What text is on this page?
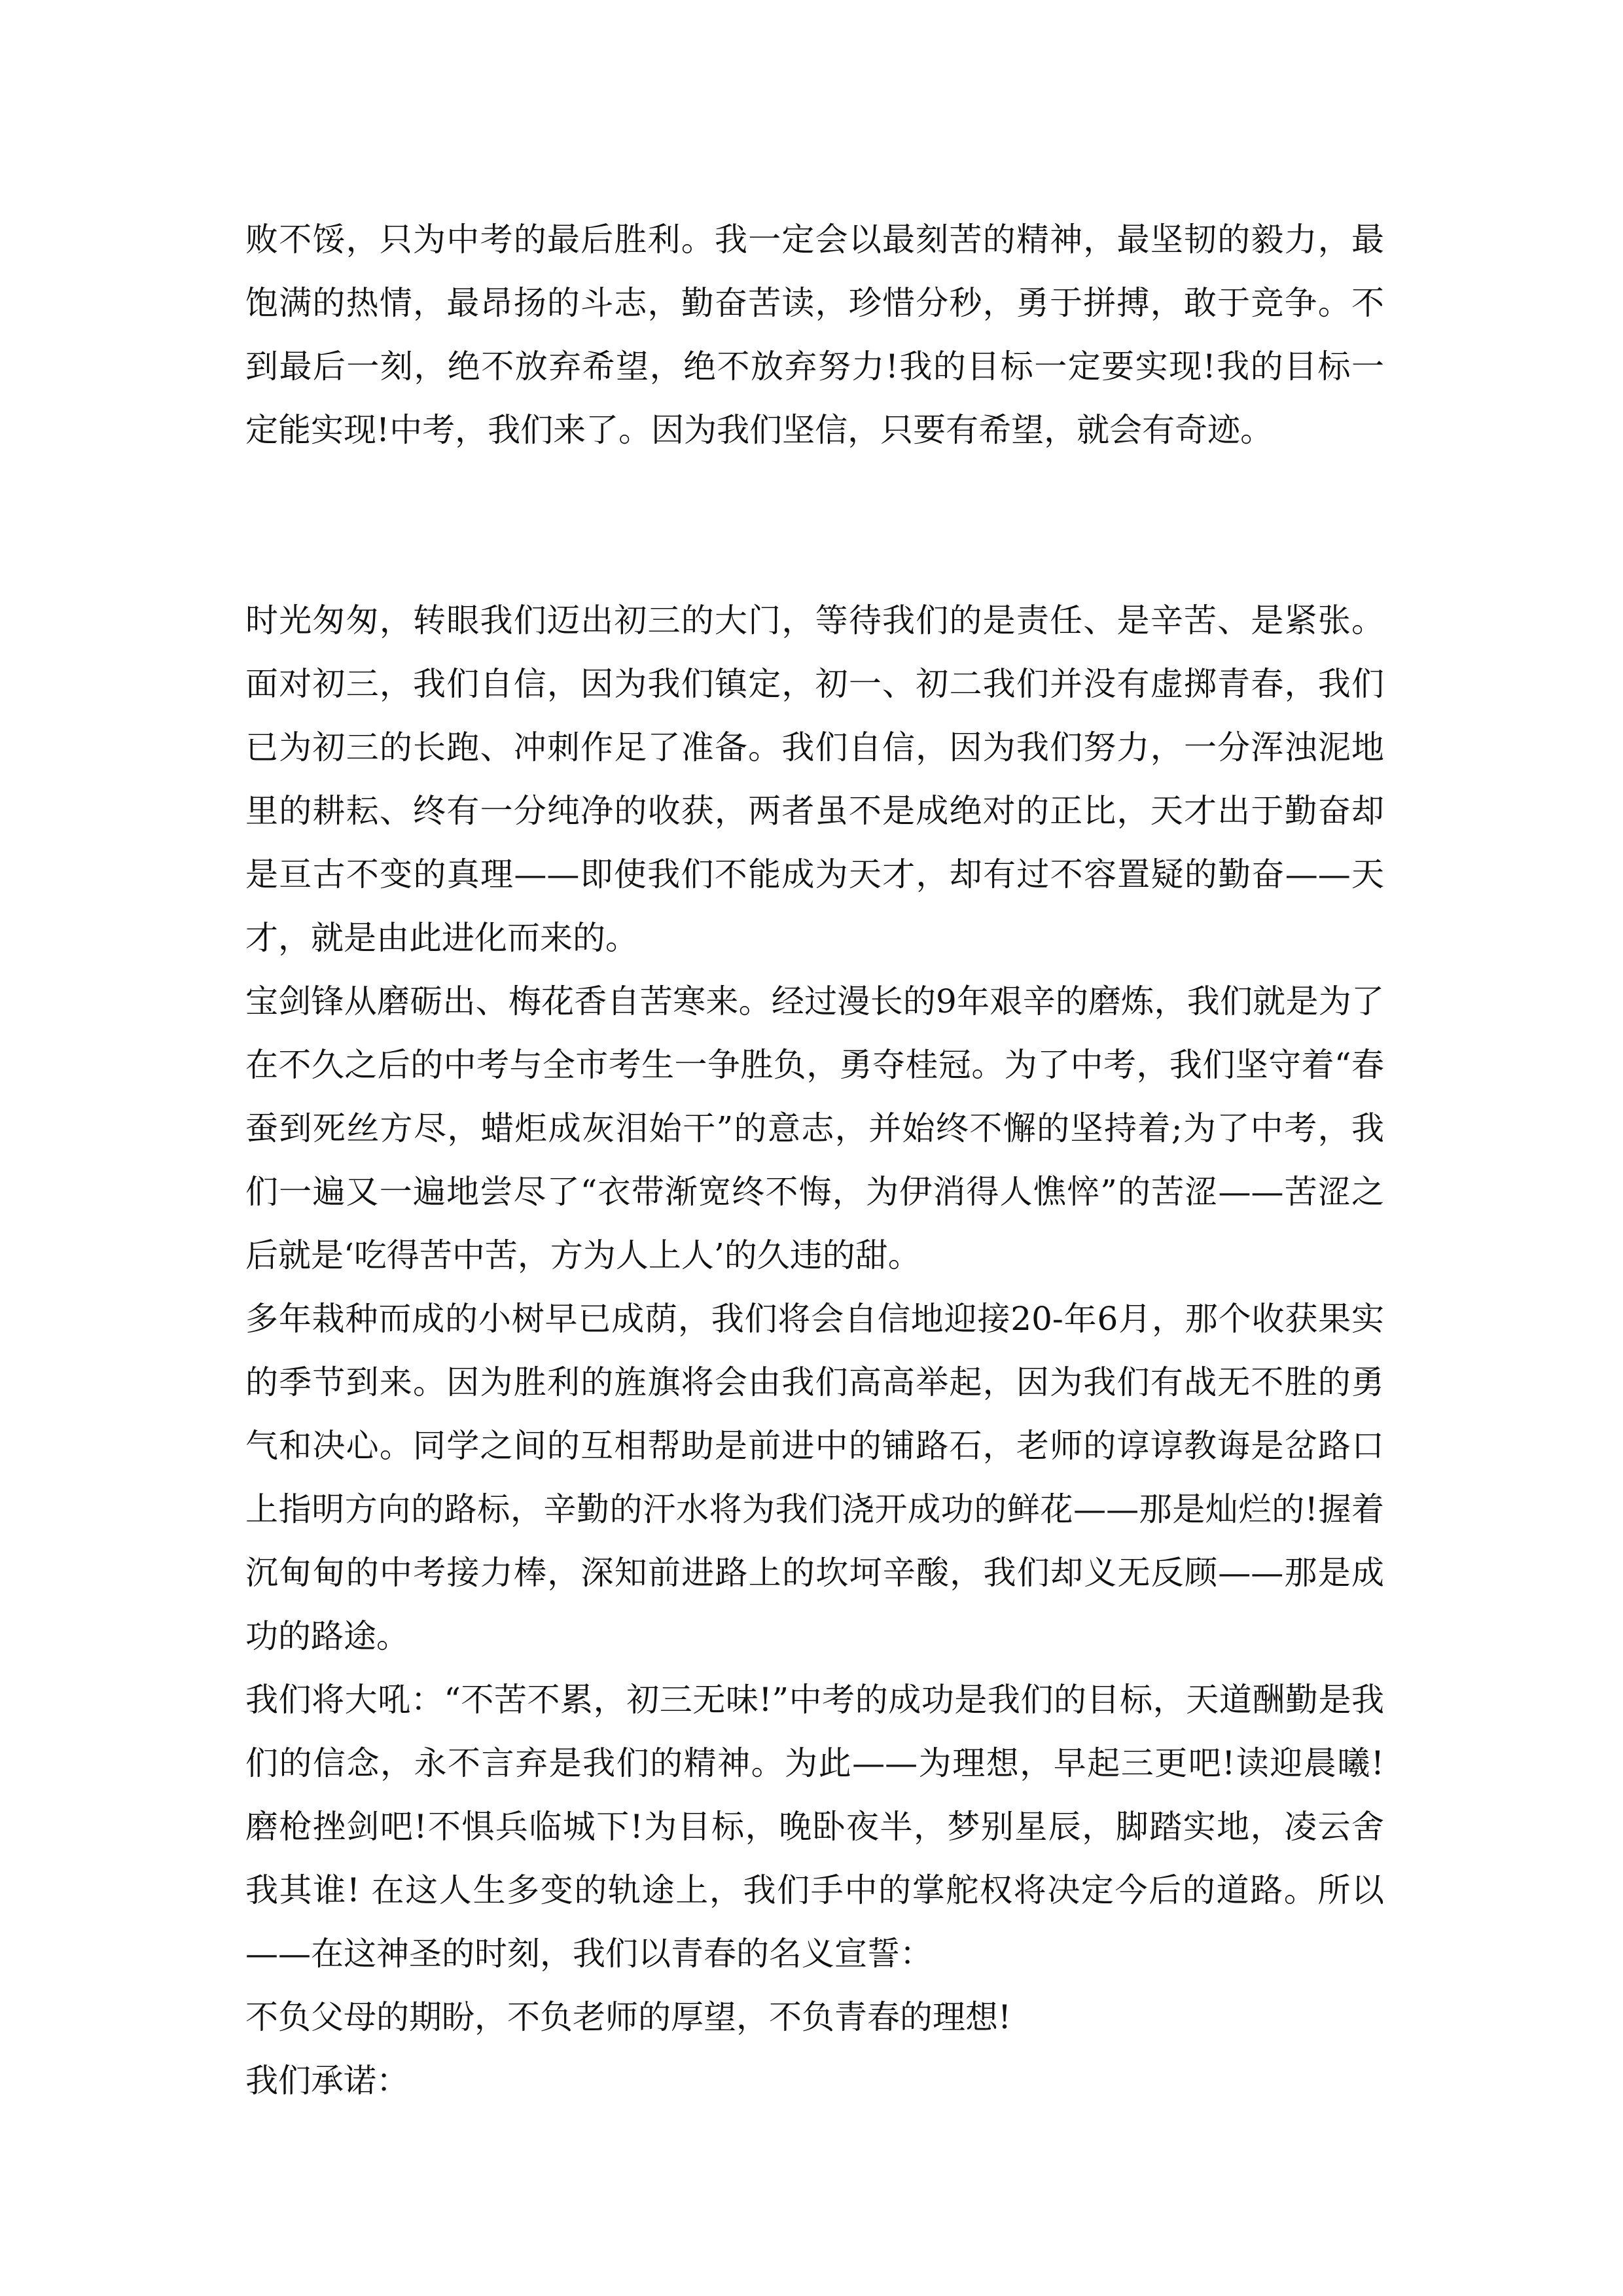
败不馁，只为中考的最后胜利。我一定会以最刻苦的精神，最坚韧的毅力，最饱满的热情，最昂扬的斗志，勤奋苦读，珍惜分秒，勇于拼搏，敢于竞争。不到最后一刻，绝不放弃希望，绝不放弃努力!我的目标一定要实现!我的目标一定能实现!中考，我们来了。因为我们坚信，只要有希望，就会有奇迹。

时光匆匆，转眼我们迈出初三的大门，等待我们的是责任、是辛苦、是紧张。面对初三，我们自信，因为我们镇定，初一、初二我们并没有虚掷青春，我们已为初三的长跑、冲刺作足了准备。我们自信，因为我们努力，一分浑浊泥地里的耕耘、终有一分纯净的收获，两者虽不是成绝对的正比，天才出于勤奋却是亘古不变的真理——即使我们不能成为天才，却有过不容置疑的勤奋——天才，就是由此进化而来的。

宝剑锋从磨砺出、梅花香自苦寒来。经过漫长的9年艰辛的磨炼，我们就是为了在不久之后的中考与全市考生一争胜负，勇夺桂冠。为了中考，我们坚守着“春蚕到死丝方尽，蜡炬成灰泪始干”的意志，并始终不懈的坚持着;为了中考，我们一遍又一遍地尝尽了“衣带渐宽终不悔，为伊消得人憔悴”的苦涩——苦涩之后就是‘吃得苦中苦，方为人上人’的久违的甜。

多年栽种而成的小树早已成荫，我们将会自信地迎接20-年6月，那个收获果实的季节到来。因为胜利的旌旗将会由我们高高举起，因为我们有战无不胜的勇气和决心。同学之间的互相帮助是前进中的铺路石，老师的谆谆教诲是岔路口上指明方向的路标，辛勤的汗水将为我们浇开成功的鲜花——那是灿烂的!握着沉甸甸的中考接力棒，深知前进路上的坎坷辛酸，我们却义无反顾——那是成功的路途。

我们将大吼：“不苦不累，初三无味!”中考的成功是我们的目标，天道酬勤是我们的信念，永不言弃是我们的精神。为此——为理想，早起三更吧!读迎晨曦!磨枪挫剑吧!不惧兵临城下!为目标，晚卧夜半，梦别星辰，脚踏实地，凌云舍我其谁! 在这人生多变的轨途上，我们手中的掌舵权将决定今后的道路。所以——在这神圣的时刻，我们以青春的名义宣誓：

不负父母的期盼，不负老师的厚望，不负青春的理想!

我们承诺：
